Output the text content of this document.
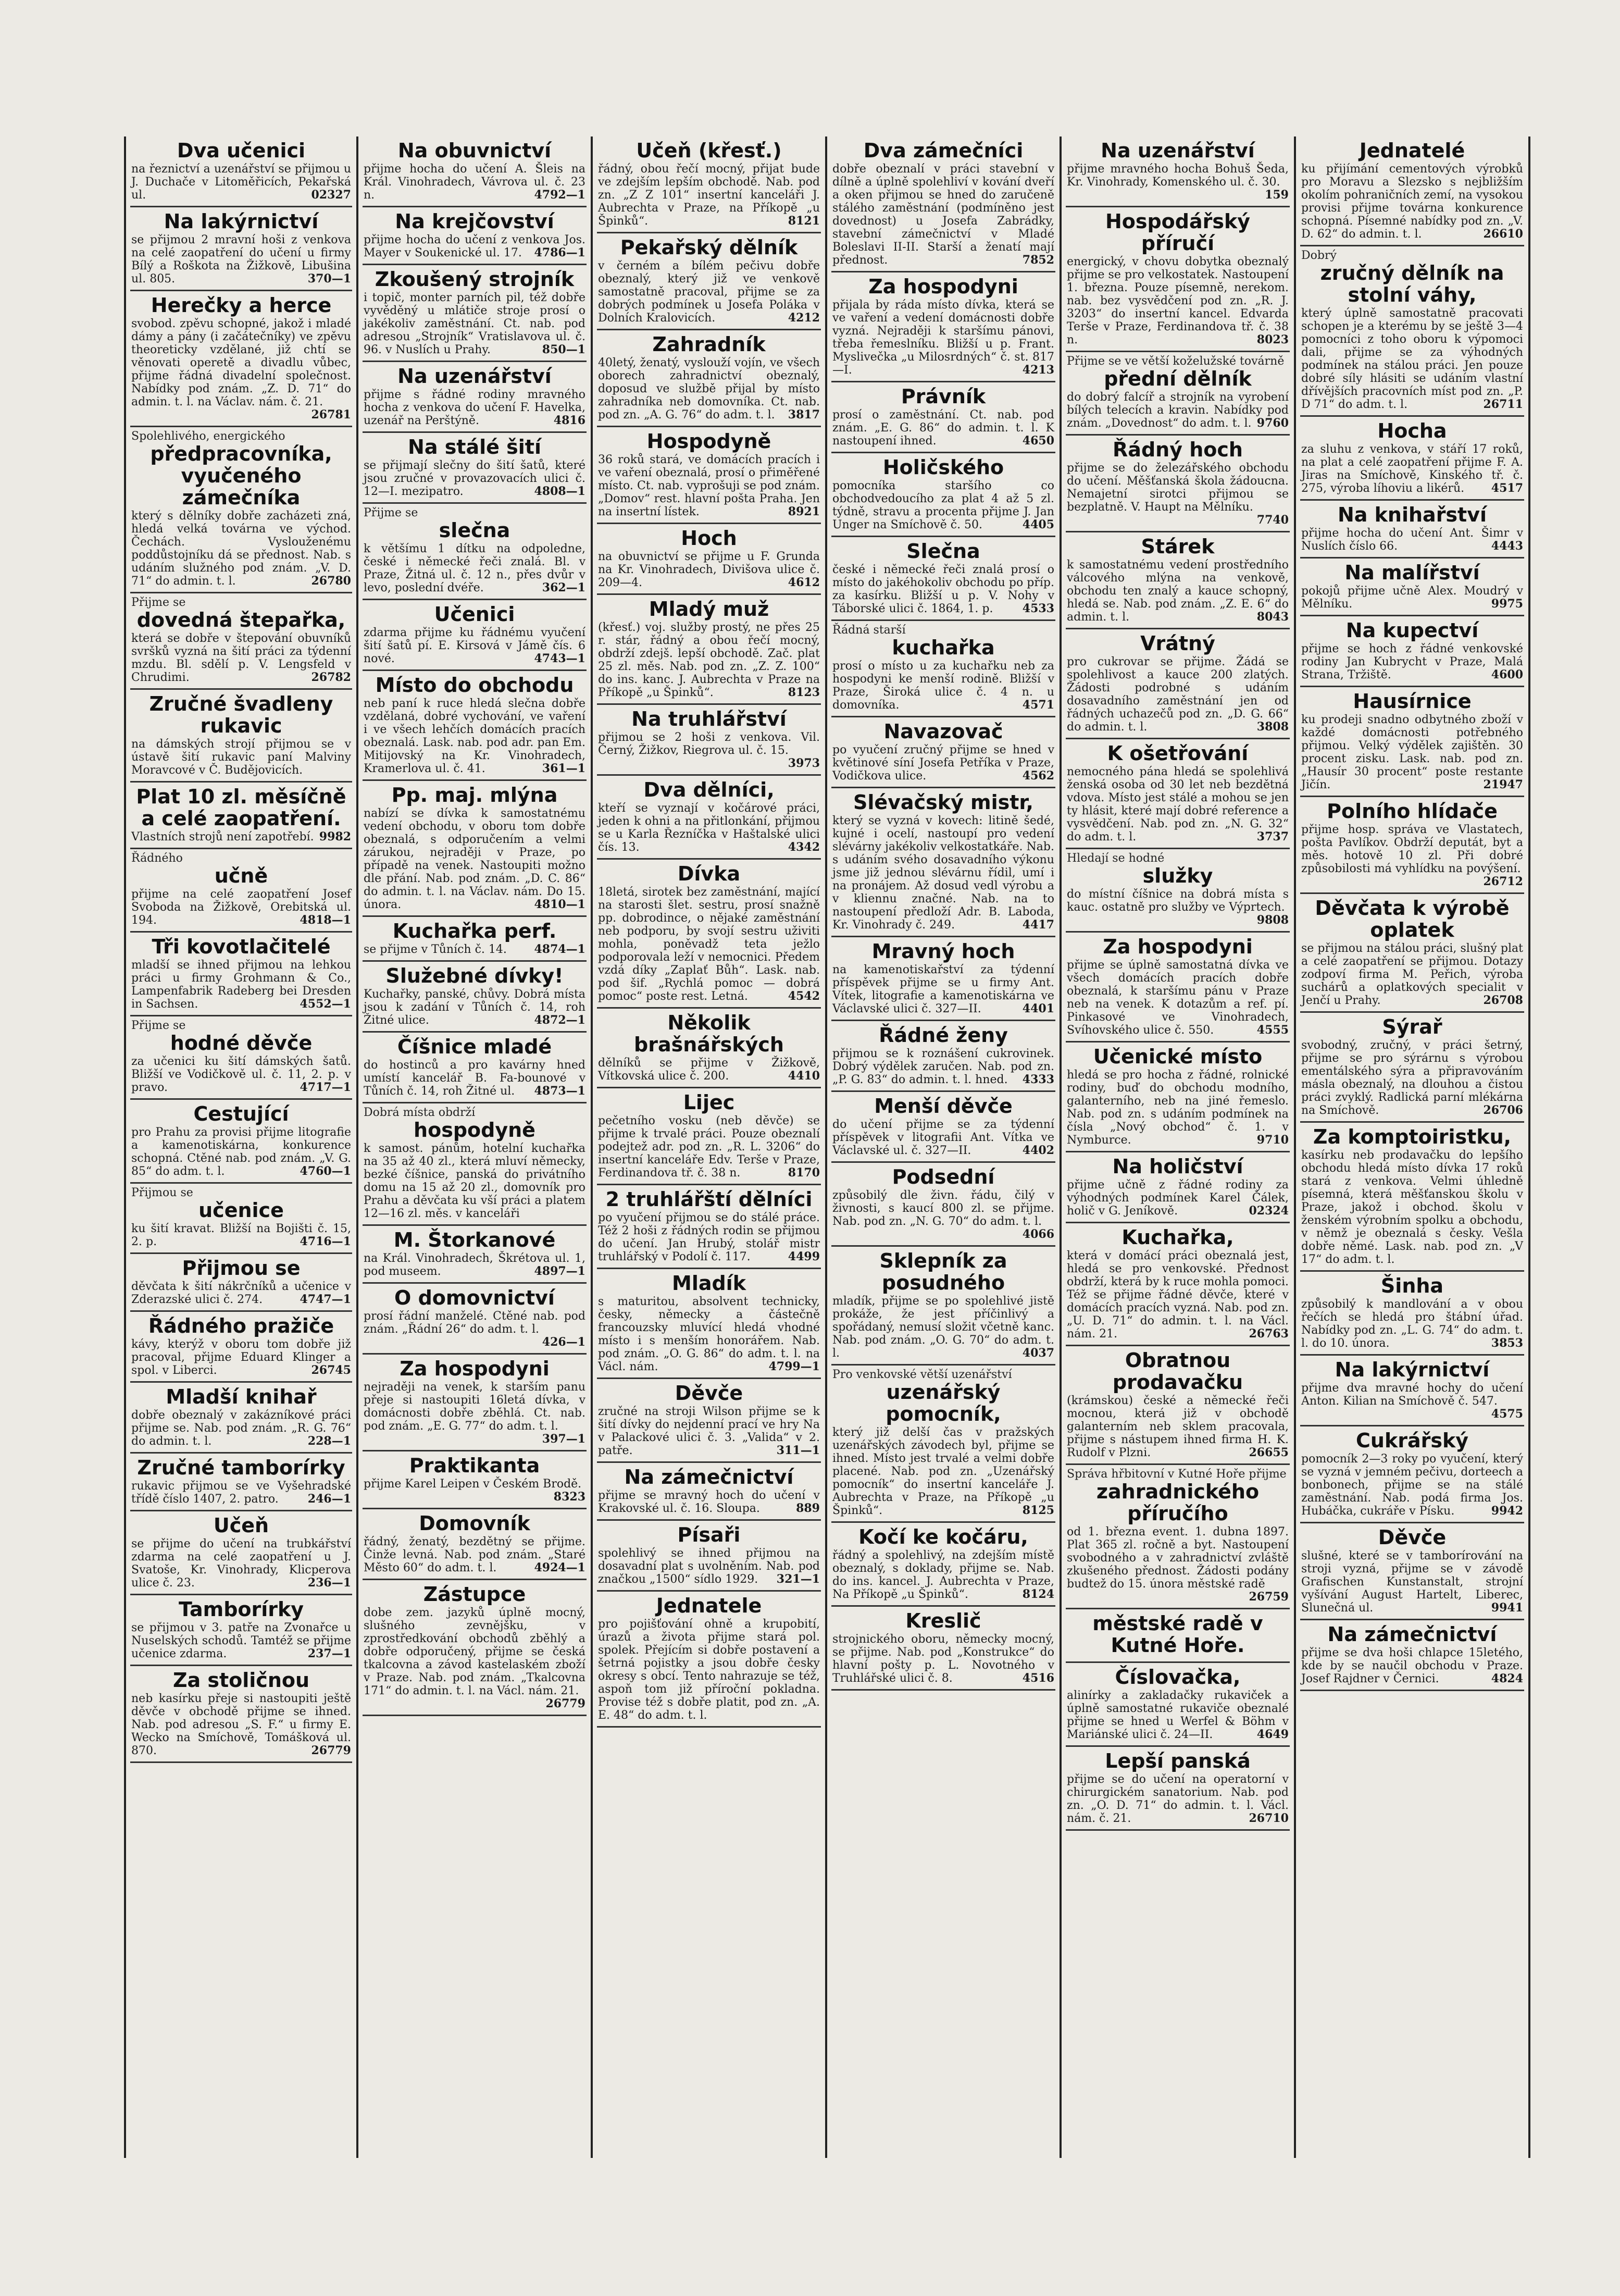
Dva učenici
na řeznictví a uzenářství se přijmou u J. Duchače v Litoměřicích, Pekařská ul.	02327
Na lakýrnictví
se přijmou 2 mravní hoši z venkova na celé zaopatření do učení u firmy Bílý a Roškota na Žižkově, Libušina ul. 805.	370—1
Herečky a herce
svobod. zpěvu schopné, jakož i mladé dámy a pány (i začátečníky) ve zpěvu theoreticky vzdělané, již chtí se věnovati operetě a divadlu vůbec, přijme řádná divadelní společnost. Nabídky pod znám. „Z. D. 71“ do admin. t. l. na Václav. nám. č. 21.
26781
Spolehlivého, energického
předpracovníka, vyučeného zámečníka
který s dělníky dobře zacházeti zná, hledá velká továrna ve východ. Čechách. Vyslouženému poddůstojníku dá se přednost. Nab. s udáním služného pod znám. „V. D. 71“ do admin. t. l.	26780
Přijme se
dovedná štepařka,
která se dobře v štepování obuvníků svršků vyzná na šití práci za týdenní mzdu. Bl. sdělí p. V. Lengsfeld v Chrudimi.	26782
Zručné švadleny rukavic
na dámských strojí přijmou se v ústavě šití rukavic paní Malviny Moravcové v Č. Budějovicích.
Plat 10 zl. měsíčně a celé zaopatření.
Vlastních strojů není zapotřebí. 9982
Řádného
učně
přijme na celé zaopatření Josef Svoboda na Žižkově, Orebitská ul. 194.	4818—1
Tři kovotlačitelé
mladší se ihned přijmou na lehkou práci u firmy Grohmann & Co., Lampenfabrik Radeberg bei Dresden in Sachsen.	4552—1
Přijme se
hodné děvče
za učenici ku šití dámských šatů. Bližší ve Vodičkově ul. č. 11, 2. p. v pravo.	4717—1
Cestující
pro Prahu za provisi přijme litografie a kamenotiskárna, konkurence schopná. Ctěné nab. pod znám. „V. G. 85“ do adm. t. l.	4760—1
Přijmou se
učenice
ku šití kravat. Bližší na Bojišti č. 15, 2. p.	4716—1
Přijmou se
děvčata k šití nákrčníků a učenice v Zderazské ulici č. 274.	4747—1
Řádného pražiče
kávy, kterýž v oboru tom dobře již pracoval, přijme Eduard Klinger a spol. v Liberci.	26745
Mladší knihař
dobře obeznalý v zakázníkové práci přijme se. Nab. pod znám. „R. G. 76“ do admin. t. l.	228—1
Zručné tamborírky
rukavic přijmou se ve Vyšehradské třídě číslo 1407, 2. patro.	246—1
Učeň
se přijme do učení na trubkářství zdarma na celé zaopatření u J. Svatoše, Kr. Vinohrady, Klicperova ulice č. 23.	236—1
Tamborírky
se přijmou v 3. patře na Zvonařce u Nuselských schodů. Tamtéž se přijme učenice zdarma.	237—1
Za stoličnou
neb kasírku přeje si nastoupiti ještě děvče v obchodě přijme se ihned. Nab. pod adresou „S. F.“ u firmy E. Wecko na Smíchově, Tomášková ul. 870.	26779
Na obuvnictví
přijme hocha do učení A. Šleis na Král. Vinohradech, Vávrova ul. č. 23 n.	4792—1
Na krejčovství
přijme hocha do učení z venkova Jos. Mayer v Soukenické ul. 17. 4786—1
Zkoušený strojník
i topič, monter parních pil, též dobře vyvěděný u mlátiče stroje prosí o jakékoliv zaměstnání. Ct. nab. pod adresou „Strojník“ Vratislavova ul. č. 96. v Nuslích u Prahy.	850—1
Na uzenářství
přijme s řádné rodiny mravného hocha z venkova do učení F. Havelka, uzenář na Perštýně.	4816
Na stálé šití
se přijmají slečny do šití šatů, které jsou zručné v provazovacích ulici č. 12—I. mezipatro.	4808—1
Přijme se
slečna
k většímu 1 dítku na odpoledne, české i německé řeči znalá. Bl. v Praze, Žitná ul. č. 12 n., přes dvůr v levo, poslední dvéře.	362—1
Učenici
zdarma přijme ku řádnému vyučení šití šatů pí. E. Kirsová v Jámě čís. 6 nové.	4743—1
Místo do obchodu
neb paní k ruce hledá slečna dobře vzdělaná, dobré vychování, ve vaření i ve všech lehčích domácích pracích obeznalá. Lask. nab. pod adr. pan Em. Mitijovský na Kr. Vinohradech, Kramerlova ul. č. 41.	361—1
Pp. maj. mlýna
nabízí se dívka k samostatnému vedení obchodu, v oboru tom dobře obeznalá, s odporučením a velmi zárukou, nejraději v Praze, po případě na venek. Nastoupiti možno dle přání. Nab. pod znám. „D. C. 86“ do admin. t. l. na Václav. nám. Do 15. února.	4810—1
Kuchařka perf.
se přijme v Tůních č. 14. 4874—1
Služebné dívky!
Kuchařky, panské, chůvy. Dobrá místa jsou k zadání v Tůních č. 14, roh Žitné ulice.	4872—1
Číšnice mladé
do hostinců a pro kavárny hned umístí kancelář B. Fa-bounové v Tůních č. 14, roh Žitné ul. 4873—1
Dobrá místa obdrží
hospodyně
k samost. pánům, hotelní kuchařka na 35 až 40 zl., která mluví německy, bezké číšnice, panská do privátního domu na 15 až 20 zl., domovník pro Prahu a děvčata ku vší práci a platem 12—16 zl. měs. v kanceláři
M. Štorkanové
na Král. Vinohradech, Škrétova ul. 1, pod museem.	4897—1
O domovnictví
prosí řádní manželé. Ctěné nab. pod znám. „Řádní 26“ do adm. t. l.
426—1
Za hospodyni
nejraději na venek, k starším panu přeje si nastoupiti 16letá dívka, v domácnosti dobře zběhlá. Ct. nab. pod znám. „E. G. 77“ do adm. t. l.
397—1
Praktikanta
přijme Karel Leipen v Českém Brodě.
8323
Domovník
řádný, ženatý, bezdětný se přijme. Činže levná. Nab. pod znám. „Staré Město 60“ do adm. t. l.	4924—1
Zástupce
dobe zem. jazyků úplně mocný, slušného zevnějšku, v zprostředkování obchodů zběhlý a dobře odporučený, přijme se česká tkalcovna a závod kastelaském zboží v Praze. Nab. pod znám. „Tkalcovna 171“ do admin. t. l. na Václ. nám. 21.
26779
Učeň (křesť.)
řádný, obou řečí mocný, přijat bude ve zdejším lepším obchodě. Nab. pod zn. „Z Z 101“ insertní kanceláři J. Aubrechta v Praze, na Příkopě „u Špinků“.	8121
Pekařský dělník
v černém a bílém pečivu dobře obeznalý, který již ve venkově samostatně pracoval, přijme se za dobrých podmínek u Josefa Poláka v Dolních Kralovicích.	4212
Zahradník
40letý, ženatý, vyslouží vojín, ve všech oborech zahradnictví obeznalý, doposud ve službě přijal by místo zahradníka neb domovníka. Ct. nab. pod zn. „A. G. 76“ do adm. t. l. 3817
Hospodyně
36 roků stará, ve domácích pracích i ve vaření obeznalá, prosí o přiměřené místo. Ct. nab. vyprošuji se pod znám. „Domov“ rest. hlavní pošta Praha. Jen na insertní lístek.	8921
Hoch
na obuvnictví se přijme u F. Grunda na Kr. Vinohradech, Divišova ulice č. 209—4.	4612
Mladý muž
(křesť.) voj. služby prostý, ne přes 25 r. stár, řádný a obou řečí mocný, obdrží zdejš. lepší obchodě. Zač. plat 25 zl. měs. Nab. pod zn. „Z. Z. 100“ do ins. kanc. J. Aubrechta v Praze na Příkopě „u Špinků“.	8123
Na truhlářství
přijmou se 2 hoši z venkova. Vil. Černý, Žižkov, Riegrova ul. č. 15.
3973
Dva dělníci,
kteří se vyznají v kočárové práci, jeden k ohni a na přitlonkání, přijmou se u Karla Řezníčka v Haštalské ulici čís. 13.	4342
Dívka
18letá, sirotek bez zaměstnání, mající na starosti šlet. sestru, prosí snažně pp. dobrodince, o nějaké zaměstnání neb podporu, by svojí sestru uživiti mohla, poněvadž teta ježlo podporovala leží v nemocnici. Předem vzdá díky „Zaplať Bůh“. Lask. nab. pod šif. „Rychlá pomoc — dobrá pomoc“ poste rest. Letná.	4542
Několik brašnářských
dělníků se přijme v Žižkově, Vítkovská ulice č. 200.	4410
Lijec
pečetního vosku (neb děvče) se přijme k trvalé práci. Pouze obeznalí podejtež adr. pod zn. „R. L. 3206“ do insertní kanceláře Edv. Terše v Praze, Ferdinandova tř. č. 38 n.	8170
2 truhlářští dělníci
po vyučení přijmou se do stálé práce. Též 2 hoši z řádných rodin se přijmou do učení. Jan Hrubý, stolář mistr truhlářský v Podolí č. 117.	4499
Mladík
s maturitou, absolvent technicky, česky, německy a částečně francouzsky mluvící hledá vhodné místo i s menším honorářem. Nab. pod znám. „O. G. 86“ do adm. t. l. na Václ. nám.	4799—1
Děvče
zručné na stroji Wilson přijme se k šití dívky do nejdenní prací ve hry Na v Palackové ulici č. 3. „Valida“ v 2. patře.	311—1
Na zámečnictví
přijme se mravný hoch do učení v Krakovské ul. č. 16. Sloupa.	889
Písaři
spolehlivý se ihned přijmou na dosavadní plat s uvolněním. Nab. pod značkou „1500“ sídlo 1929. 321—1
Jednatele
pro pojišťování ohně a krupobití, úrazů a života přijme stará pol. spolek. Přejícím si dobře postavení a šetrná pojistky a jsou dobře česky okresy s obcí. Tento nahrazuje se též, aspoň tom již příroční pokladna. Provise též s dobře platit, pod zn. „A. E. 48“ do adm. t. l.
Dva zámečníci
dobře obeznalí v práci stavební v dílně a úplně spolehliví v kování dveří a oken přijmou se hned do zaručeně stálého zaměstnání (podmíněno jest dovednost) u Josefa Zabrádky, stavební zámečnictví v Mladé Boleslavi II-II. Starší a ženatí mají přednost.	7852
Za hospodyni
přijala by ráda místo dívka, která se ve vaření a vedení domácnosti dobře vyzná. Nejraději k staršímu pánovi, třeba řemeslníku. Bližší u p. Frant. Myslivečka „u Milosrdných“ č. st. 817—I.	4213
Právník
prosí o zaměstnání. Ct. nab. pod znám. „E. G. 86“ do admin. t. l. K nastoupení ihned.	4650
Holičského
pomocníka staršího co obchodvedoucího za plat 4 až 5 zl. týdně, stravu a procenta přijme J. Jan Unger na Smíchově č. 50.	4405
Slečna
české i německé řeči znalá prosí o místo do jakéhokoliv obchodu po příp. za kasírku. Bližší u p. V. Nohy v Táborské ulici č. 1864, 1. p.	4533
Řádná starší
kuchařka
prosí o místo u za kuchařku neb za hospodyni ke menší rodině. Bližší v Praze, Široká ulice č. 4 n. u domovníka.	4571
Navazovač
po vyučení zručný přijme se hned v květinové síní Josefa Petříka v Praze, Vodičkova ulice.	4562
Slévačský mistr,
který se vyzná v kovech: litině šedé, kujné i ocelí, nastoupí pro vedení slévárny jakékoliv velkostatkáře. Nab. s udáním svého dosavadního výkonu jsme již jednou slévárnu řídil, umí i na pronájem. Až dosud vedl výrobu a v kliennu značné. Nab. na to nastoupení předloží Adr. B. Laboda, Kr. Vinohrady č. 249.	4417
Mravný hoch
na kamenotiskařství za týdenní příspěvek přijme se u firmy Ant. Vítek, litografie a kamenotiskárna ve Václavské ulici č. 327—II.	4401
Řádné ženy
přijmou se k roznášení cukrovinek. Dobrý výdělek zaručen. Nab. pod zn. „P. G. 83“ do admin. t. l. hned. 4333
Menší děvče
do učení přijme se za týdenní příspěvek v litografii Ant. Vítka ve Václavské ul. č. 327—II.	4402
Podsední
způsobilý dle živn. řádu, čilý v živnosti, s kaucí 800 zl. se přijme. Nab. pod zn. „N. G. 70“ do adm. t. l.
4066
Sklepník za posudného
mladík, přijme se po spolehlivé jistě prokáže, že jest příčinlivý a spořádaný, nemusí složit včetně kanc. Nab. pod znám. „O. G. 70“ do adm. t. l.	4037
Pro venkovské větší uzenářství
uzenářský pomocník,
který již delší čas v pražských uzenářských závodech byl, přijme se ihned. Místo jest trvalé a velmi dobře placené. Nab. pod zn. „Uzenářský pomocník“ do insertní kanceláře J. Aubrechta v Praze, na Příkopě „u Špinků“.	8125
Kočí ke kočáru,
řádný a spolehlivý, na zdejším místě obeznalý, s doklady, přijme se. Nab. do ins. kancel. J. Aubrechta v Praze, Na Příkopě „u Špinků“.	8124
Kreslič
strojnického oboru, německy mocný, se přijme. Nab. pod „Konstrukce“ do hlavní pošty p. L. Novotného v Truhlářské ulici č. 8.	4516
Na uzenářství
přijme mravného hocha Bohuš Šeda, Kr. Vinohrady, Komenského ul. č. 30.
159
Hospodářský příručí
energický, v chovu dobytka obeznalý přijme se pro velkostatek. Nastoupení 1. března. Pouze písemně, nerekom. nab. bez vysvědčení pod zn. „R. J. 3203“ do insertní kancel. Edvarda Terše v Praze, Ferdinandova tř. č. 38 n.	8023
Přijme se ve větší koželužské továrně
přední dělník
do dobrý falcíř a strojník na vyrobení bílých telecích a kravin. Nabídky pod znám. „Dovednost“ do adm. t. l. 9760
Řádný hoch
přijme se do železářského obchodu do učení. Měšťanská škola žádoucna. Nemajetní sirotci přijmou se bezplatně. V. Haupt na Mělníku.
7740
Stárek
k samostatnému vedení prostředního válcového mlýna na venkově, obchodu ten znalý a kauce schopný, hledá se. Nab. pod znám. „Z. E. 6“ do admin. t. l.	8043
Vrátný
pro cukrovar se přijme. Žádá se spolehlivost a kauce 200 zlatých. Žádosti podrobné s udáním dosavadního zaměstnání jen od řádných uchazečů pod zn. „D. G. 66“ do admin. t. l.	3808
K ošetřování
nemocného pána hledá se spolehlivá ženská osoba od 30 let neb bezdětná vdova. Místo jest stálé a mohou se jen ty hlásit, které mají dobré reference a vysvědčení. Nab. pod zn. „N. G. 32“ do adm. t. l.	3737
Hledají se hodné
služky
do místní číšnice na dobrá místa s kauc. ostatně pro služby ve Výprtech.
9808
Za hospodyni
přijme se úplně samostatná dívka ve všech domácích pracích dobře obeznalá, k staršímu pánu v Praze neb na venek. K dotazům a ref. pí. Pinkasové ve Vinohradech, Svíhovského ulice č. 550.	4555
Učenické místo
hledá se pro hocha z řádné, rolnické rodiny, buď do obchodu modního, galanterního, neb na jiné řemeslo. Nab. pod zn. s udáním podmínek na čísla „Nový obchod“ č. 1. v Nymburce.	9710
Na holičství
přijme učně z řádné rodiny za výhodných podmínek Karel Čálek, holič v G. Jeníkově.	02324
Kuchařka,
která v domácí práci obeznalá jest, hledá se pro venkovské. Přednost obdrží, která by k ruce mohla pomoci. Též se přijme řádné děvče, které v domácích pracích vyzná. Nab. pod zn. „U. D. 71“ do admin. t. l. na Václ. nám. 21.	26763
Obratnou prodavačku
(krámskou) české a německé řeči mocnou, která již v obchodě galanterním neb sklem pracovala, přijme s nástupem ihned firma H. K. Rudolf v Plzni.	26655
Správa hřbitovní v Kutné Hoře přijme
zahradnického příručího
od 1. března event. 1. dubna 1897. Plat 365 zl. ročně a byt. Nastoupení svobodného a v zahradnictví zvláště zkušeného přednost. Žádosti podány budtež do 15. února městské radě
26759
městské radě v Kutné Hoře.
Číslovačka,
alinírky a zakladačky rukaviček a úplně samostatné rukaviče obeznalé přijme se hned u Werfel & Böhm v Mariánské ulici č. 24—II.	4649
Lepší panská
přijme se do učení na operatorní v chirurgickém sanatorium. Nab. pod zn. „O. D. 71“ do admin. t. l. Václ. nám. č. 21.	26710
Jednatelé
ku přijímání cementových výrobků pro Moravu a Slezsko s nejbližším okolím pohraničních zemí, na vysokou provisi přijme továrna konkurence schopná. Písemné nabídky pod zn. „V. D. 62“ do admin. t. l.	26610
Dobrý
zručný dělník na stolní váhy,
který úplně samostatně pracovati schopen je a kterému by se ještě 3—4 pomocníci z toho oboru k výpomoci dali, přijme se za výhodných podmínek na stálou práci. Jen pouze dobré síly hlásiti se udáním vlastní dřívějších pracovních míst pod zn. „P. D 71“ do adm. t. l.	26711
Hocha
za sluhu z venkova, v stáří 17 roků, na plat a celé zaopatření přijme F. A. Jiras na Smíchově, Kinského tř. č. 275, výroba líhoviu a likérů. 4517
Na knihařství
přijme hocha do učení Ant. Šimr v Nuslích číslo 66.	4443
Na malířství
pokojů přijme učně Alex. Moudrý v Mělníku.	9975
Na kupectví
přijme se hoch z řádné venkovské rodiny Jan Kubrycht v Praze, Malá Strana, Tržiště.	4600
Hausírnice
ku prodeji snadno odbytného zboží v každé domácnosti potřebného přijmou. Velký výdělek zajištěn. 30 procent zisku. Lask. nab. pod zn. „Hausír 30 procent“ poste restante Jičín.	21947
Polního hlídače
přijme hosp. správa ve Vlastatech, pošta Pavlíkov. Obdrží deputát, byt a měs. hotově 10 zl. Při dobré způsobilosti má vyhlídku na povýšení.
26712
Děvčata k výrobě oplatek
se přijmou na stálou práci, slušný plat a celé zaopatření se přijmou. Dotazy zodpoví firma M. Peřich, výroba suchárů a oplatkových specialit v Jenčí u Prahy.	26708
Sýrař
svobodný, zručný, v práci šetrný, přijme se pro sýrárnu s výrobou ementálského sýra a připravováním másla obeznalý, na dlouhou a čistou práci zvyklý. Radlická parní mlékárna na Smíchově.	26706
Za komptoiristku,
kasírku neb prodavačku do lepšího obchodu hledá místo dívka 17 roků stará z venkova. Velmi úhledně písemná, která měšťanskou školu v Praze, jakož i obchod. školu v ženském výrobním spolku a obchodu, v němž je obeznalá s česky. Vešla dobře němé. Lask. nab. pod zn. „V 17“ do adm. t. l.
Šinha
způsobilý k mandlování a v obou řečích se hledá pro štábní úřad. Nabídky pod zn. „L. G. 74“ do adm. t. l. do 10. února.	3853
Na lakýrnictví
přijme dva mravné hochy do učení Anton. Kilian na Smíchově č. 547.
4575
Cukrářský
pomocník 2—3 roky po vyučení, který se vyzná v jemném pečivu, dorteech a bonbonech, přijme se na stálé zaměstnání. Nab. podá firma Jos. Hubáčka, cukráře v Písku.	9942
Děvče
slušné, které se v tamborírování na stroji vyzná, přijme se v závodě Grafischen Kunstanstalt, strojní vyšívání August Hartelt, Liberec, Slunečná ul.	9941
Na zámečnictví
přijme se dva hoši chlapce 15letého, kde by se naučil obchodu v Praze. Josef Rajdner v Černici.	4824
